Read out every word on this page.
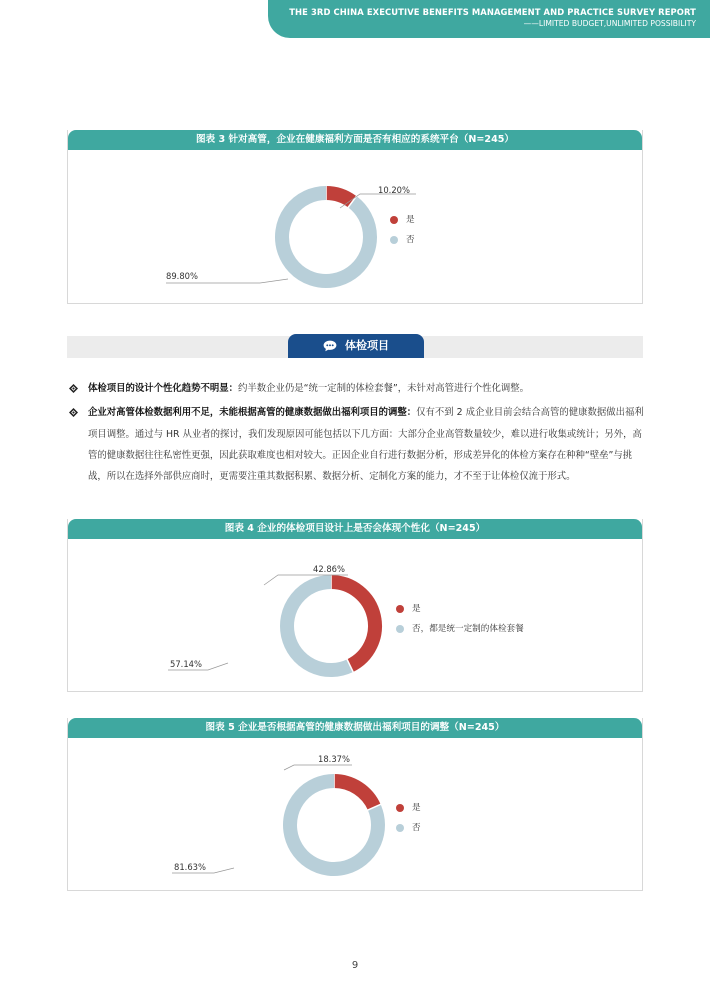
THE 3RD CHINA EXECUTIVE BENEFITS MANAGEMENT AND PRACTICE SURVEY REPORT
——LIMITED BUDGET,UNLIMITED POSSIBILITY
图表 3 针对高管，企业在健康福利方面是否有相应的系统平台（N=245）
10.20%
89.80%
是
否
体检项目
体检项目的设计个性化趋势不明显：约半数企业仍是“统一定制的体检套餐”，未针对高管进行个性化调整。
企业对高管体检数据利用不足，未能根据高管的健康数据做出福利项目的调整：仅有不到 2 成企业目前会结合高管的健康数据做出福利项目调整。通过与 HR 从业者的探讨，我们发现原因可能包括以下几方面：大部分企业高管数量较少，难以进行收集或统计；另外，高管的健康数据往往私密性更强，因此获取难度也相对较大。正因企业自行进行数据分析，形成差异化的体检方案存在种种“壁垒”与挑战，所以在选择外部供应商时，更需要注重其数据积累、数据分析、定制化方案的能力，才不至于让体检仅流于形式。
图表 4 企业的体检项目设计上是否会体现个性化（N=245）
42.86%
57.14%
是
否，都是统一定制的体检套餐
图表 5 企业是否根据高管的健康数据做出福利项目的调整（N=245）
18.37%
81.63%
是
否
9
